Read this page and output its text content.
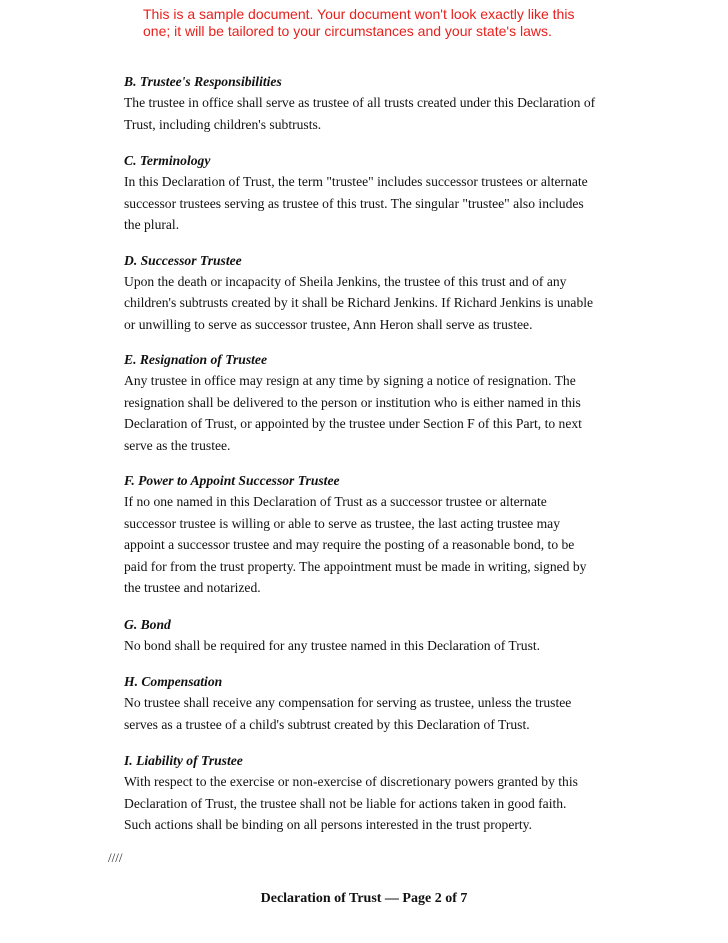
This is a sample document. Your document won't look exactly like this
one; it will be tailored to your circumstances and your state's laws.
B. Trustee's Responsibilities
The trustee in office shall serve as trustee of all trusts created under this Declaration of
Trust, including children's subtrusts.
C. Terminology
In this Declaration of Trust, the term "trustee" includes successor trustees or alternate
successor trustees serving as trustee of this trust. The singular "trustee" also includes
the plural.
D. Successor Trustee
Upon the death or incapacity of Sheila Jenkins, the trustee of this trust and of any
children's subtrusts created by it shall be Richard Jenkins. If Richard Jenkins is unable
or unwilling to serve as successor trustee, Ann Heron shall serve as trustee.
E. Resignation of Trustee
Any trustee in office may resign at any time by signing a notice of resignation. The
resignation shall be delivered to the person or institution who is either named in this
Declaration of Trust, or appointed by the trustee under Section F of this Part, to next
serve as the trustee.
F. Power to Appoint Successor Trustee
If no one named in this Declaration of Trust as a successor trustee or alternate
successor trustee is willing or able to serve as trustee, the last acting trustee may
appoint a successor trustee and may require the posting of a reasonable bond, to be
paid for from the trust property. The appointment must be made in writing, signed by
the trustee and notarized.
G. Bond
No bond shall be required for any trustee named in this Declaration of Trust.
H. Compensation
No trustee shall receive any compensation for serving as trustee, unless the trustee
serves as a trustee of a child's subtrust created by this Declaration of Trust.
I. Liability of Trustee
With respect to the exercise or non-exercise of discretionary powers granted by this
Declaration of Trust, the trustee shall not be liable for actions taken in good faith.
Such actions shall be binding on all persons interested in the trust property.
////
Declaration of Trust — Page 2 of 7
